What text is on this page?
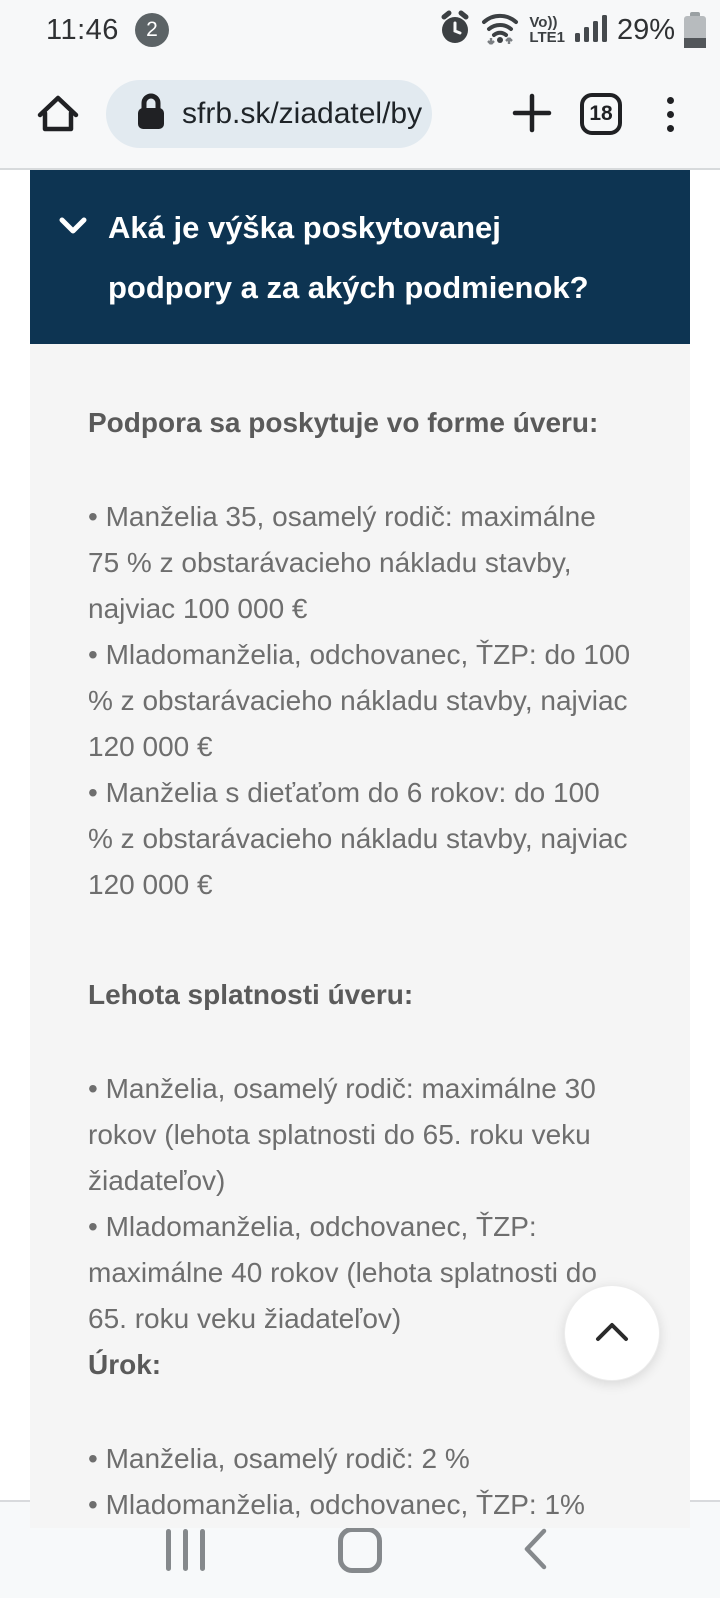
11:46	2	Vo))
LTE1 29%
sfrb.sk/ziadatel/by	18
Aká je výška poskytovanej podpory a za akých podmienok?
Podpora sa poskytuje vo forme úveru:
• Manželia 35, osamelý rodič: maximálne 75 % z obstarávacieho nákladu stavby, najviac 100 000 €
• Mladomanželia, odchovanec, ŤZP: do 100 % z obstarávacieho nákladu stavby, najviac 120 000 €
• Manželia s dieťaťom do 6 rokov: do 100 % z obstarávacieho nákladu stavby, najviac 120 000 €
Lehota splatnosti úveru:
• Manželia, osamelý rodič: maximálne 30 rokov (lehota splatnosti do 65. roku veku žiadateľov)
• Mladomanželia, odchovanec, ŤZP: maximálne 40 rokov (lehota splatnosti do 65. roku veku žiadateľov)
Úrok:
• Manželia, osamelý rodič: 2 %
• Mladomanželia, odchovanec, ŤZP: 1%
